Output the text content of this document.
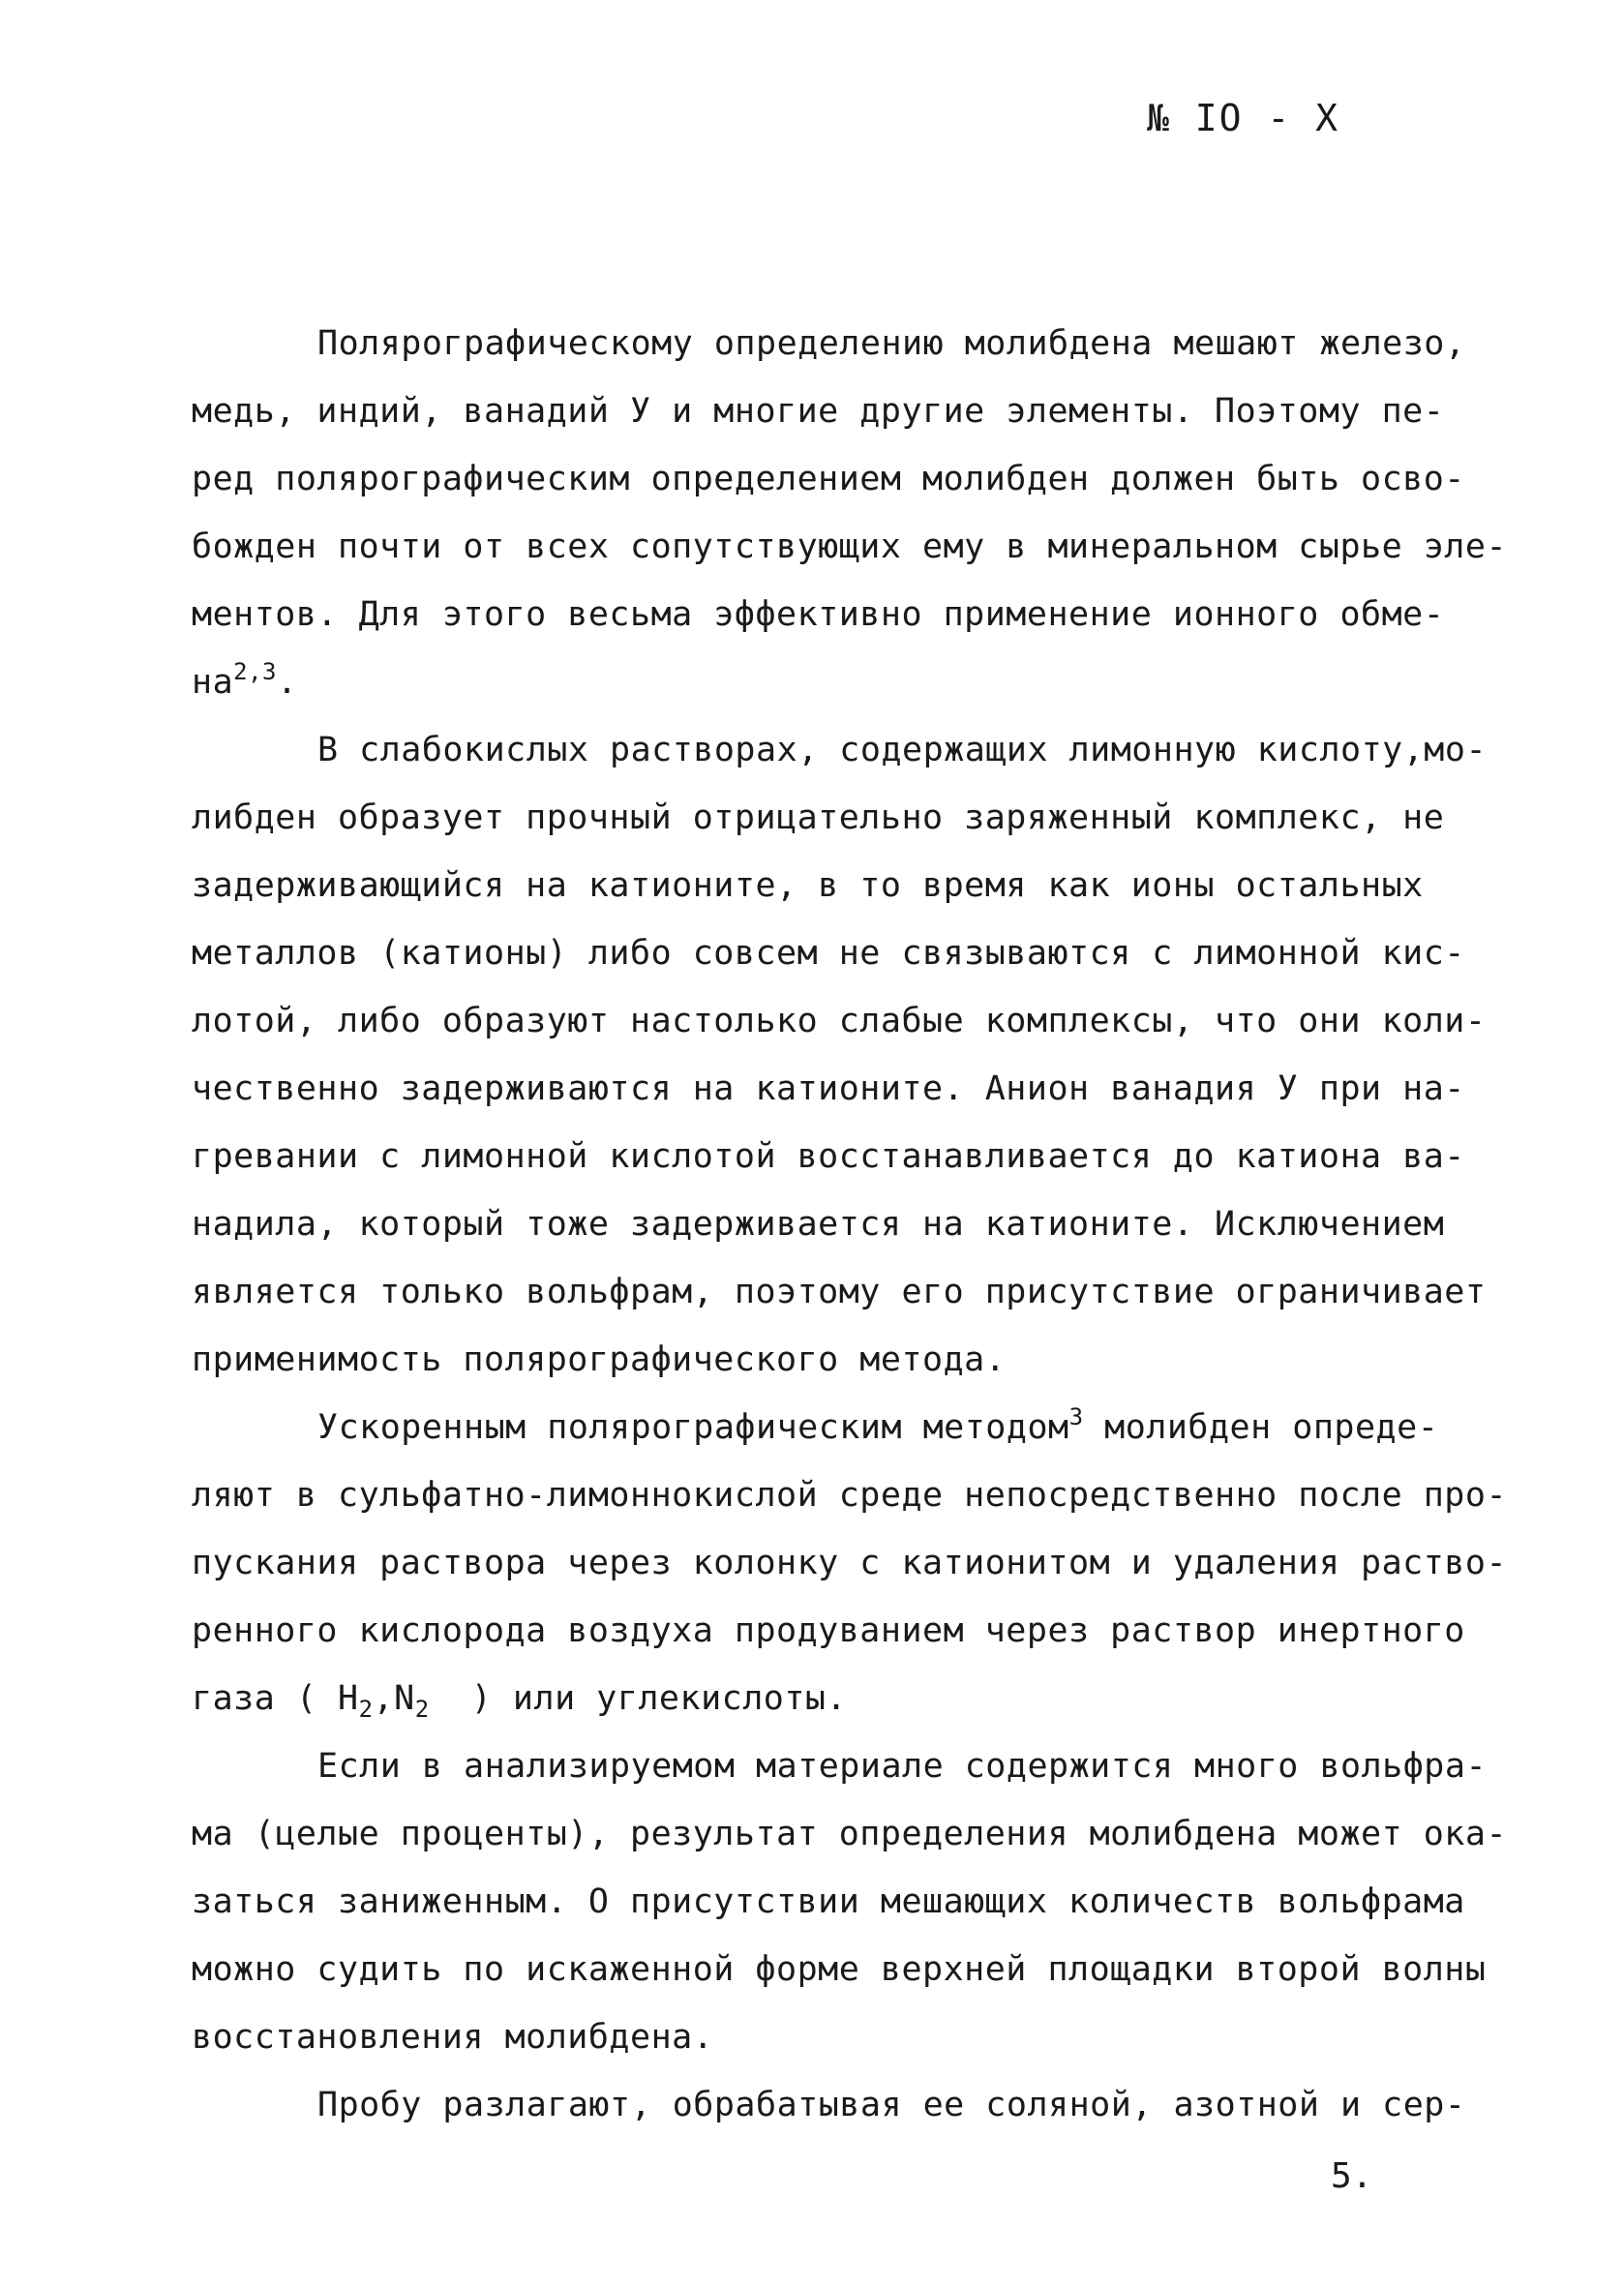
№ IO - X
Полярографическому определению молибдена мешают железо,
медь, индий, ванадий У и многие другие элементы. Поэтому пе-
ред полярографическим определением молибден должен быть осво-
божден почти от всех сопутствующих ему в минеральном сырье эле-
ментов. Для этого весьма эффективно применение ионного обме-
на$^{2,3}$.
В слабокислых растворах, содержащих лимонную кислоту,мо-
либден образует прочный отрицательно заряженный комплекс, не
задерживающийся на катионите, в то время как ионы остальных
металлов (катионы) либо совсем не связываются с лимонной кис-
лотой, либо образуют настолько слабые комплексы, что они коли-
чественно задерживаются на катионите. Анион ванадия У при на-
гревании с лимонной кислотой восстанавливается до катиона ва-
надила, который тоже задерживается на катионите. Исключением
является только вольфрам, поэтому его присутствие ограничивает
применимость полярографического метода.
Ускоренным полярографическим методом$^3$ молибден опреде-
ляют в сульфатно-лимоннокислой среде непосредственно после про-
пускания раствора через колонку с катионитом и удаления раство-
ренного кислорода воздуха продуванием через раствор инертного
газа ( $H_2,N_2$  ) или углекислоты.
Если в анализируемом материале содержится много вольфра-
ма (целые проценты), результат определения молибдена может ока-
заться заниженным. О присутствии мешающих количеств вольфрама
можно судить по искаженной форме верхней площадки второй волны
восстановления молибдена.
Пробу разлагают, обрабатывая ее соляной, азотной и сер-
5.
